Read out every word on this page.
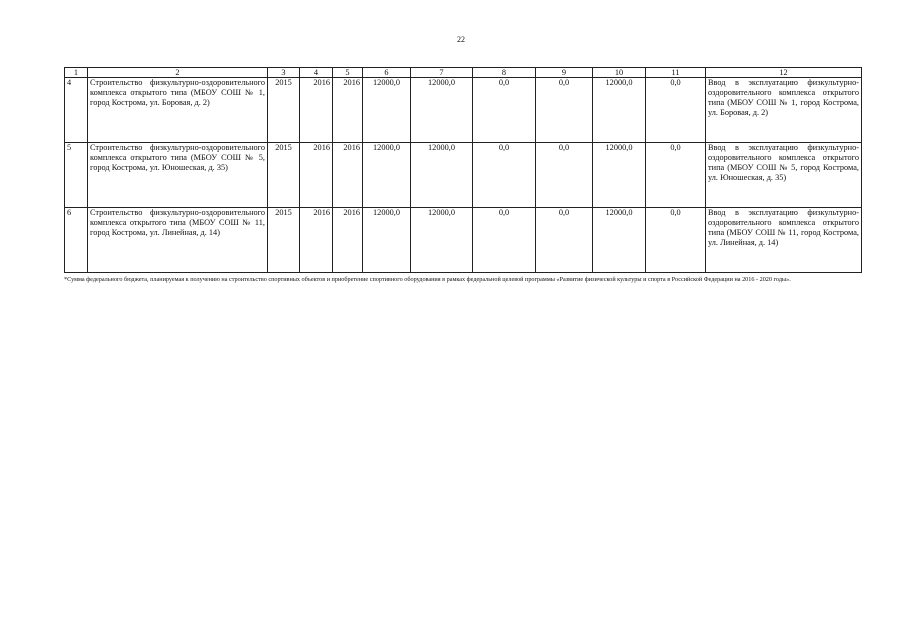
22
1	2	3	4	5	6	7	8	9	10	11	12
4	Строительство физкультурно-оздоровительного комплекса открытого типа (МБОУ СОШ № 1, город Кострома, ул. Боровая, д. 2)	2015	2016	2016	12000,0	12000,0	0,0	0,0	12000,0	0,0	Ввод в эксплуатацию физкультурно-оздоровительного комплекса открытого типа (МБОУ СОШ № 1, город Кострома, ул. Боровая, д. 2)
5	Строительство физкультурно-оздоровительного комплекса открытого типа (МБОУ СОШ № 5, город Кострома, ул. Юношеская, д. 35)	2015	2016	2016	12000,0	12000,0	0,0	0,0	12000,0	0,0	Ввод в эксплуатацию физкультурно-оздоровительного комплекса открытого типа (МБОУ СОШ № 5, город Кострома, ул. Юношеская, д. 35)
6	Строительство физкультурно-оздоровительного комплекса открытого типа (МБОУ СОШ № 11, город Кострома, ул. Линейная, д. 14)	2015	2016	2016	12000,0	12000,0	0,0	0,0	12000,0	0,0	Ввод в эксплуатацию физкультурно-оздоровительного комплекса открытого типа (МБОУ СОШ № 11, город Кострома, ул. Линейная, д. 14)
*Сумма федерального бюджета, планируемая к получению на строительство спортивных объектов и приобретение спортивного оборудования в рамках федеральной целевой программы «Развитие физической культуры и спорта в Российской Федерации на 2016 - 2020 годы».
